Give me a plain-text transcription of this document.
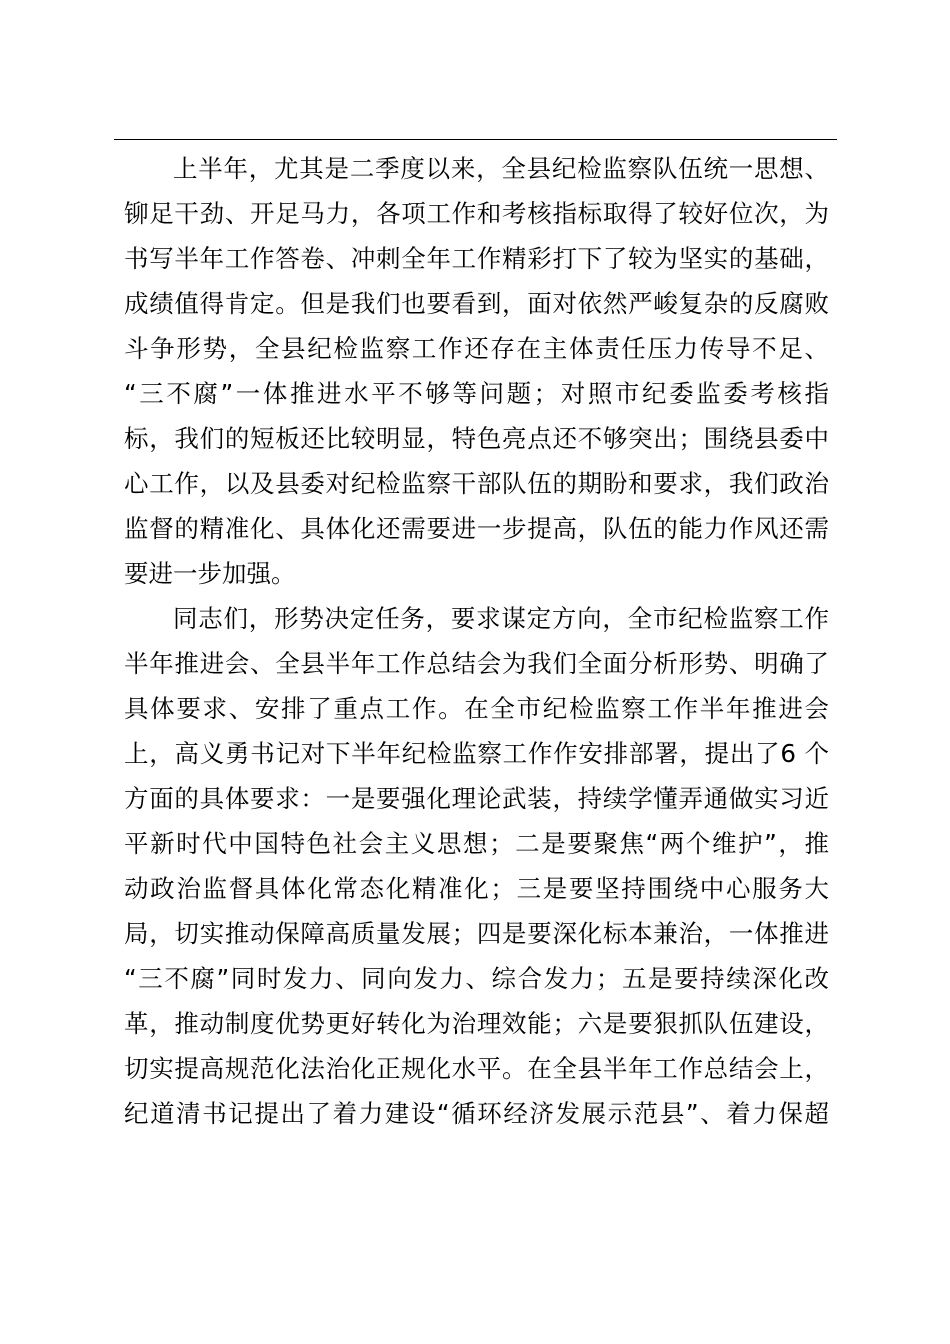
上半年，尤其是二季度以来，全县纪检监察队伍统一思想、
铆足干劲、开足马力，各项工作和考核指标取得了较好位次，为
书写半年工作答卷、冲刺全年工作精彩打下了较为坚实的基础，
成绩值得肯定。但是我们也要看到，面对依然严峻复杂的反腐败
斗争形势，全县纪检监察工作还存在主体责任压力传导不足、
“三不腐”一体推进水平不够等问题；对照市纪委监委考核指
标，我们的短板还比较明显，特色亮点还不够突出；围绕县委中
心工作，以及县委对纪检监察干部队伍的期盼和要求，我们政治
监督的精准化、具体化还需要进一步提高，队伍的能力作风还需
要进一步加强。
同志们，形势决定任务，要求谋定方向，全市纪检监察工作
半年推进会、全县半年工作总结会为我们全面分析形势、明确了
具体要求、安排了重点工作。在全市纪检监察工作半年推进会
上，高义勇书记对下半年纪检监察工作作安排部署，提出了6 个
方面的具体要求：一是要强化理论武装，持续学懂弄通做实习近
平新时代中国特色社会主义思想；二是要聚焦“两个维护”，推
动政治监督具体化常态化精准化；三是要坚持围绕中心服务大
局，切实推动保障高质量发展；四是要深化标本兼治，一体推进
“三不腐”同时发力、同向发力、综合发力；五是要持续深化改
革，推动制度优势更好转化为治理效能；六是要狠抓队伍建设，
切实提高规范化法治化正规化水平。在全县半年工作总结会上，
纪道清书记提出了着力建设“循环经济发展示范县”、着力保超
